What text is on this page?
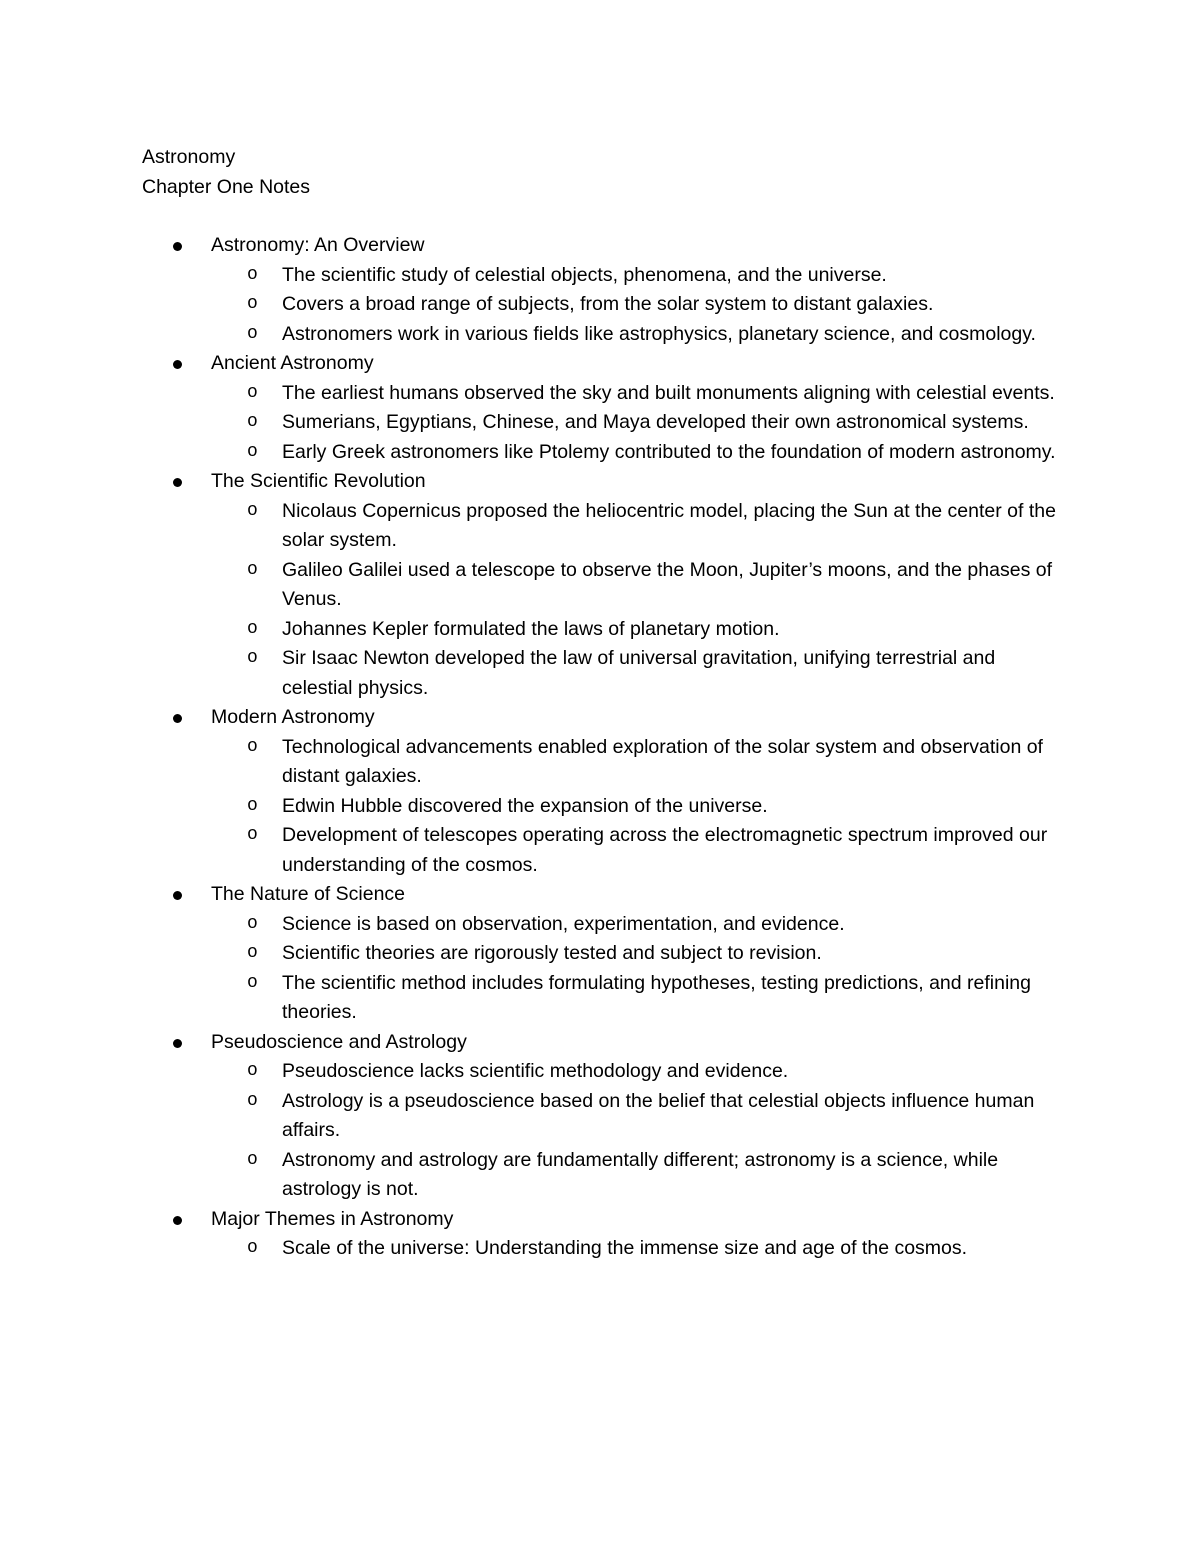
Astronomy

Chapter One Notes

Astronomy: An Overview
o The scientific study of celestial objects, phenomena, and the universe.
o Covers a broad range of subjects, from the solar system to distant galaxies.
o Astronomers work in various fields like astrophysics, planetary science, and cosmology.
Ancient Astronomy
o The earliest humans observed the sky and built monuments aligning with celestial events.
o Sumerians, Egyptians, Chinese, and Maya developed their own astronomical systems.
o Early Greek astronomers like Ptolemy contributed to the foundation of modern astronomy.
The Scientific Revolution
o Nicolaus Copernicus proposed the heliocentric model, placing the Sun at the center of the solar system.
o Galileo Galilei used a telescope to observe the Moon, Jupiter’s moons, and the phases of Venus.
o Johannes Kepler formulated the laws of planetary motion.
o Sir Isaac Newton developed the law of universal gravitation, unifying terrestrial and celestial physics.
Modern Astronomy
o Technological advancements enabled exploration of the solar system and observation of distant galaxies.
o Edwin Hubble discovered the expansion of the universe.
o Development of telescopes operating across the electromagnetic spectrum improved our understanding of the cosmos.
The Nature of Science
o Science is based on observation, experimentation, and evidence.
o Scientific theories are rigorously tested and subject to revision.
o The scientific method includes formulating hypotheses, testing predictions, and refining theories.
Pseudoscience and Astrology
o Pseudoscience lacks scientific methodology and evidence.
o Astrology is a pseudoscience based on the belief that celestial objects influence human affairs.
o Astronomy and astrology are fundamentally different; astronomy is a science, while astrology is not.
Major Themes in Astronomy
o Scale of the universe: Understanding the immense size and age of the cosmos.
